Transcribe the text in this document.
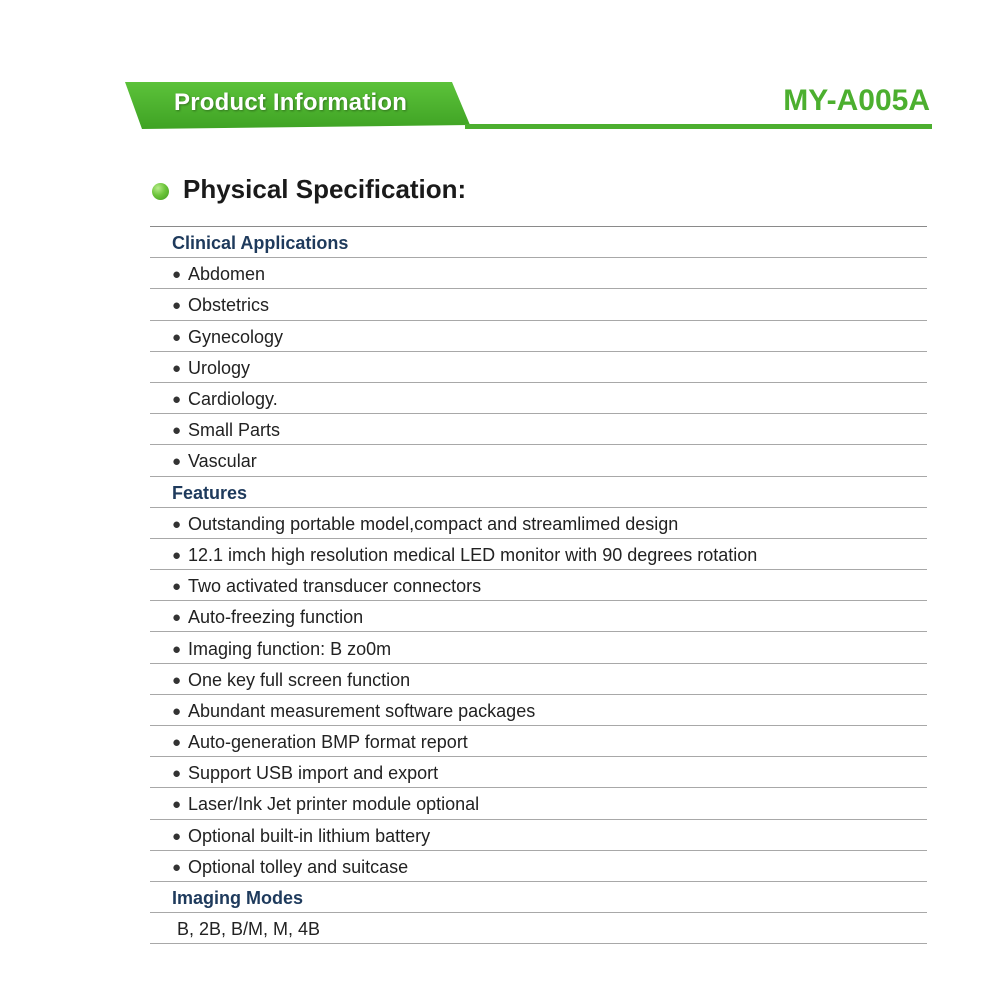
Product Information	MY-A005A
Physical Specification:
Clinical Applications
● Abdomen
● Obstetrics
● Gynecology
● Urology
● Cardiology.
● Small Parts
● Vascular
Features
● Outstanding portable model,compact and streamlimed design
● 12.1 imch high resolution medical LED monitor with 90 degrees rotation
● Two activated transducer connectors
● Auto-freezing function
● Imaging function: B zo0m
● One key full screen function
● Abundant measurement software packages
● Auto-generation BMP format report
● Support USB import and export
● Laser/Ink Jet printer module optional
● Optional built-in lithium battery
● Optional tolley and suitcase
Imaging Modes
B, 2B, B/M, M, 4B
